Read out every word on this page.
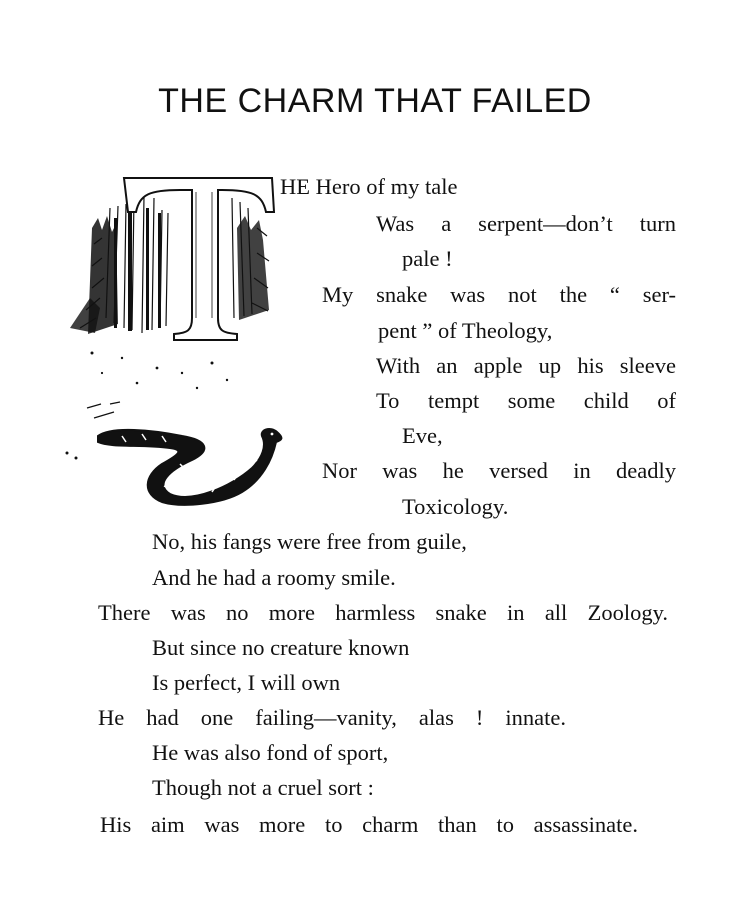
THE CHARM THAT FAILED
HE Hero of my tale
Was a serpent—don’t turn
pale !
My snake was not the “ ser-
pent ” of Theology,
With an apple up his sleeve
To tempt some child of
Eve,
Nor was he versed in deadly
Toxicology.
No, his fangs were free from guile,
And he had a roomy smile.
There was no more harmless snake in all Zoology.
But since no creature known
Is perfect, I will own
He had one failing—vanity, alas ! innate.
He was also fond of sport,
Though not a cruel sort :
His aim was more to charm than to assassinate.
